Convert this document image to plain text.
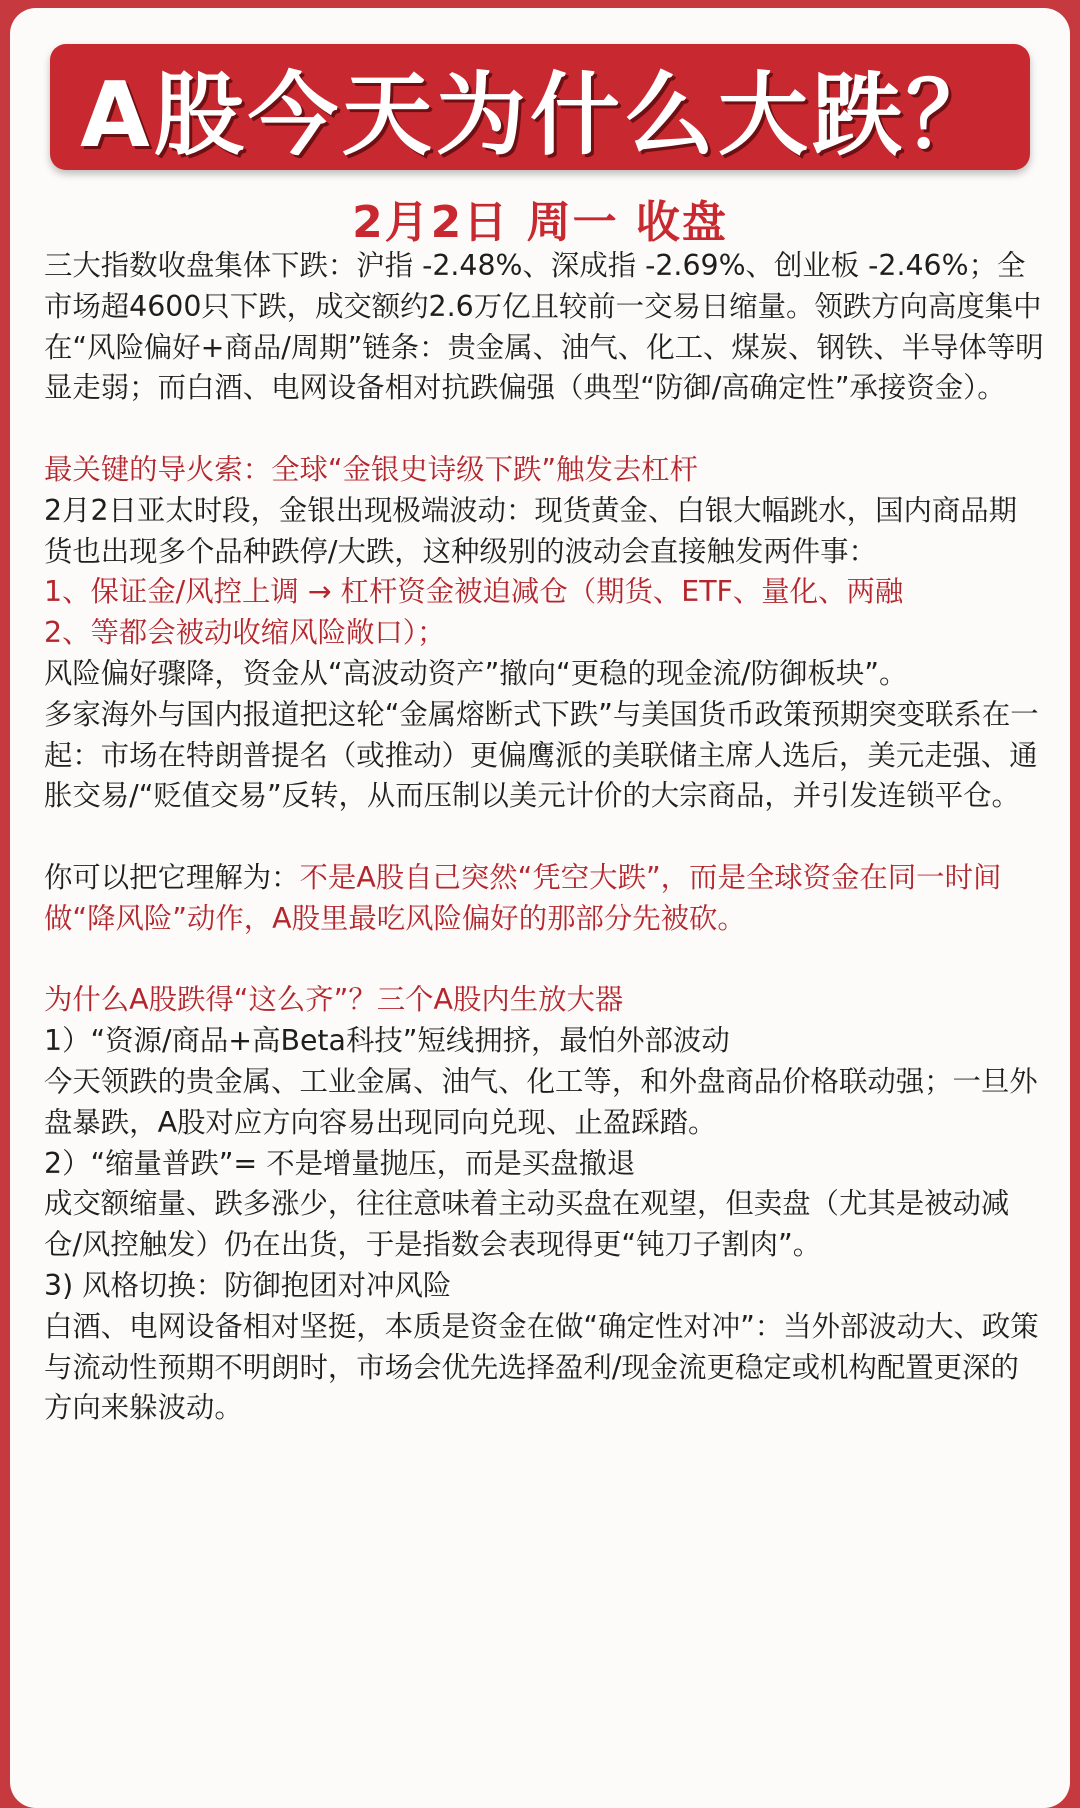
A股今天为什么大跌？
2月2日 周一 收盘

三大指数收盘集体下跌：沪指 -2.48%、深成指 -2.69%、创业板 -2.46%；全市场超4600只下跌，成交额约2.6万亿且较前一交易日缩量。领跌方向高度集中在“风险偏好+商品/周期”链条：贵金属、油气、化工、煤炭、钢铁、半导体等明显走弱；而白酒、电网设备相对抗跌偏强（典型“防御/高确定性”承接资金）。

最关键的导火索：全球“金银史诗级下跌”触发去杠杆

2月2日亚太时段，金银出现极端波动：现货黄金、白银大幅跳水，国内商品期货也出现多个品种跌停/大跌，这种级别的波动会直接触发两件事：

1、保证金/风控上调 → 杠杆资金被迫减仓（期货、ETF、量化、两融

2、等都会被动收缩风险敞口）；

风险偏好骤降，资金从“高波动资产”撤向“更稳的现金流/防御板块”。

多家海外与国内报道把这轮“金属熔断式下跌”与美国货币政策预期突变联系在一起：市场在特朗普提名（或推动）更偏鹰派的美联储主席人选后，美元走强、通胀交易/“贬值交易”反转，从而压制以美元计价的大宗商品，并引发连锁平仓。

你可以把它理解为：不是A股自己突然“凭空大跌”，而是全球资金在同一时间做“降风险”动作，A股里最吃风险偏好的那部分先被砍。

为什么A股跌得“这么齐”？三个A股内生放大器

1）“资源/商品+高Beta科技”短线拥挤，最怕外部波动

今天领跌的贵金属、工业金属、油气、化工等，和外盘商品价格联动强；一旦外盘暴跌，A股对应方向容易出现同向兑现、止盈踩踏。

2）“缩量普跌”= 不是增量抛压，而是买盘撤退

成交额缩量、跌多涨少，往往意味着主动买盘在观望，但卖盘（尤其是被动减仓/风控触发）仍在出货，于是指数会表现得更“钝刀子割肉”。

3) 风格切换：防御抱团对冲风险

白酒、电网设备相对坚挺，本质是资金在做“确定性对冲”：当外部波动大、政策与流动性预期不明朗时，市场会优先选择盈利/现金流更稳定或机构配置更深的方向来躲波动。
